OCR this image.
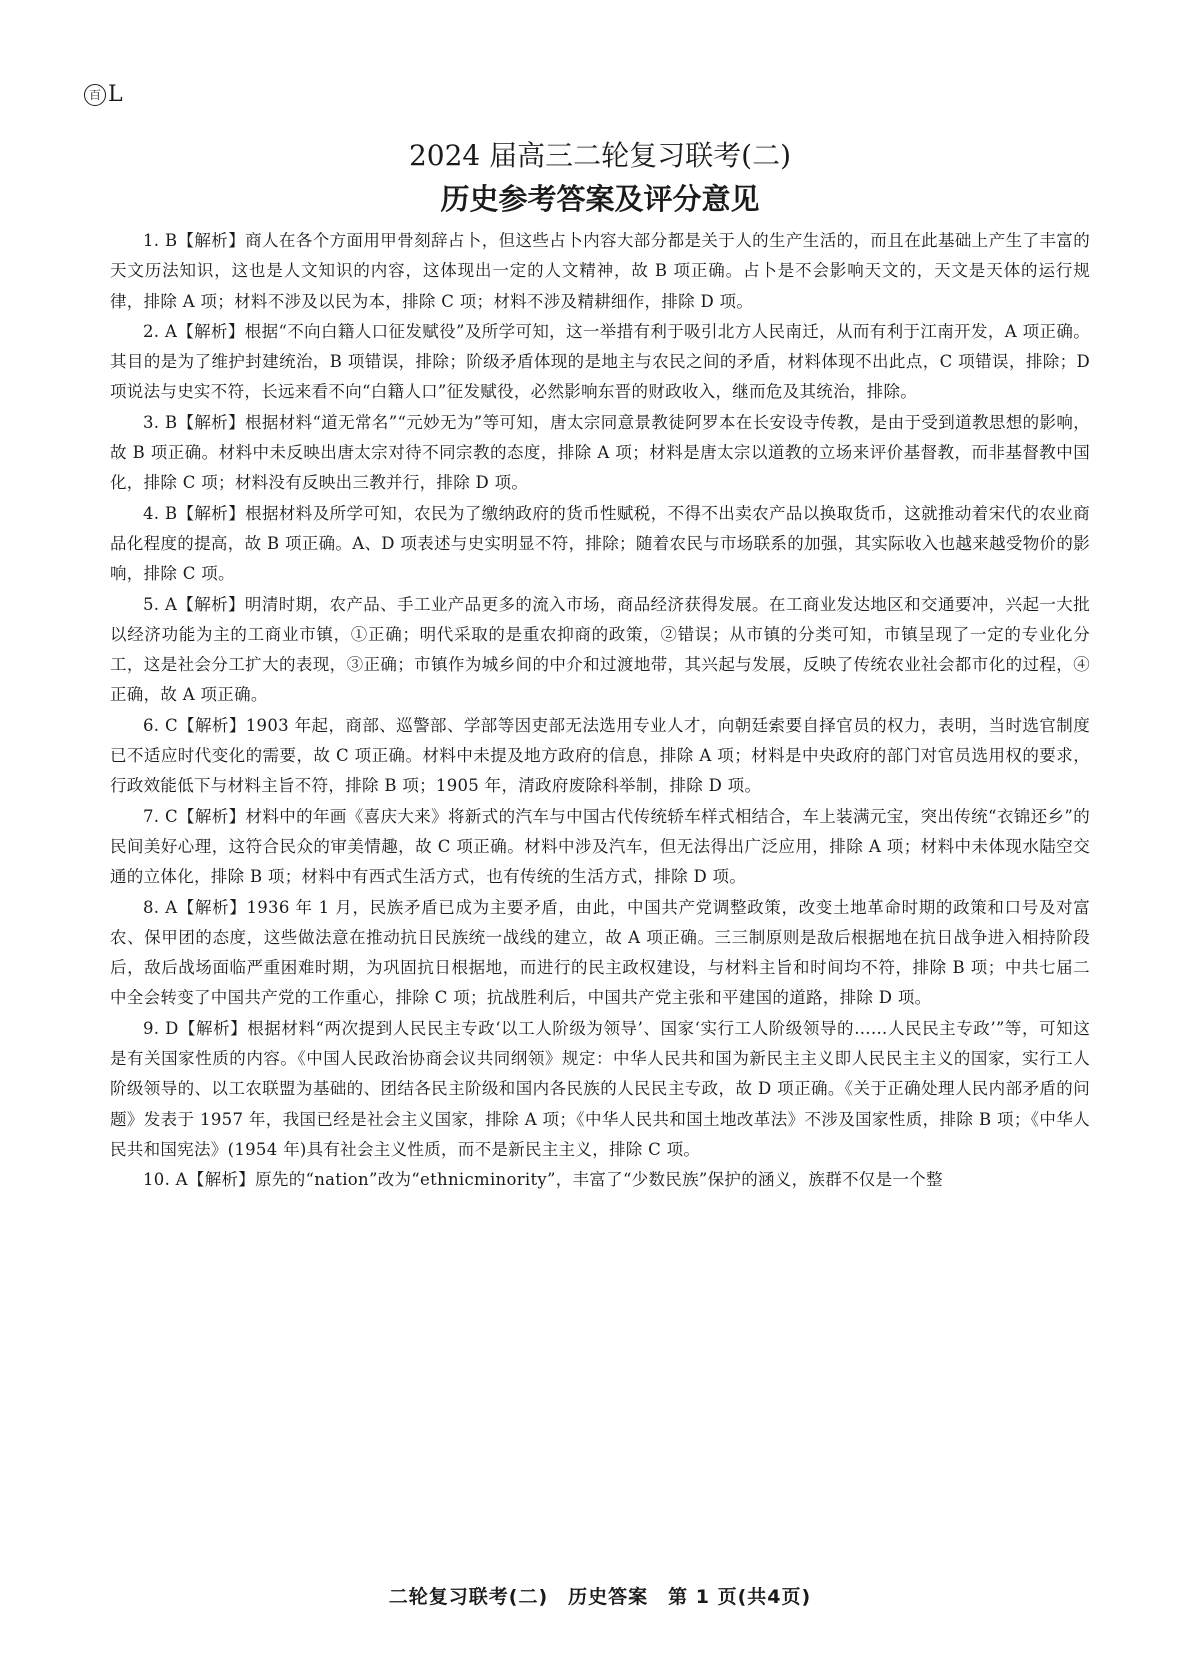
百 L
2024 届高三二轮复习联考(二)
历史参考答案及评分意见

1. B【解析】商人在各个方面用甲骨刻辞占卜，但这些占卜内容大部分都是关于人的生产生活的，而且在此基础上产生了丰富的天文历法知识，这也是人文知识的内容，这体现出一定的人文精神，故 B 项正确。占卜是不会影响天文的，天文是天体的运行规律，排除 A 项；材料不涉及以民为本，排除 C 项；材料不涉及精耕细作，排除 D 项。

2. A【解析】根据“不向白籍人口征发赋役”及所学可知，这一举措有利于吸引北方人民南迁，从而有利于江南开发，A 项正确。其目的是为了维护封建统治，B 项错误，排除；阶级矛盾体现的是地主与农民之间的矛盾，材料体现不出此点，C 项错误，排除；D 项说法与史实不符，长远来看不向“白籍人口”征发赋役，必然影响东晋的财政收入，继而危及其统治，排除。

3. B【解析】根据材料“道无常名”“元妙无为”等可知，唐太宗同意景教徒阿罗本在长安设寺传教，是由于受到道教思想的影响，故 B 项正确。材料中未反映出唐太宗对待不同宗教的态度，排除 A 项；材料是唐太宗以道教的立场来评价基督教，而非基督教中国化，排除 C 项；材料没有反映出三教并行，排除 D 项。

4. B【解析】根据材料及所学可知，农民为了缴纳政府的货币性赋税，不得不出卖农产品以换取货币，这就推动着宋代的农业商品化程度的提高，故 B 项正确。A、D 项表述与史实明显不符，排除；随着农民与市场联系的加强，其实际收入也越来越受物价的影响，排除 C 项。

5. A【解析】明清时期，农产品、手工业产品更多的流入市场，商品经济获得发展。在工商业发达地区和交通要冲，兴起一大批以经济功能为主的工商业市镇，①正确；明代采取的是重农抑商的政策，②错误；从市镇的分类可知，市镇呈现了一定的专业化分工，这是社会分工扩大的表现，③正确；市镇作为城乡间的中介和过渡地带，其兴起与发展，反映了传统农业社会都市化的过程，④正确，故 A 项正确。

6. C【解析】1903 年起，商部、巡警部、学部等因吏部无法选用专业人才，向朝廷索要自择官员的权力，表明，当时选官制度已不适应时代变化的需要，故 C 项正确。材料中未提及地方政府的信息，排除 A 项；材料是中央政府的部门对官员选用权的要求，行政效能低下与材料主旨不符，排除 B 项；1905 年，清政府废除科举制，排除 D 项。

7. C【解析】材料中的年画《喜庆大来》将新式的汽车与中国古代传统轿车样式相结合，车上装满元宝，突出传统“衣锦还乡”的民间美好心理，这符合民众的审美情趣，故 C 项正确。材料中涉及汽车，但无法得出广泛应用，排除 A 项；材料中未体现水陆空交通的立体化，排除 B 项；材料中有西式生活方式，也有传统的生活方式，排除 D 项。

8. A【解析】1936 年 1 月，民族矛盾已成为主要矛盾，由此，中国共产党调整政策，改变土地革命时期的政策和口号及对富农、保甲团的态度，这些做法意在推动抗日民族统一战线的建立，故 A 项正确。三三制原则是敌后根据地在抗日战争进入相持阶段后，敌后战场面临严重困难时期，为巩固抗日根据地，而进行的民主政权建设，与材料主旨和时间均不符，排除 B 项；中共七届二中全会转变了中国共产党的工作重心，排除 C 项；抗战胜利后，中国共产党主张和平建国的道路，排除 D 项。

9. D【解析】根据材料“两次提到人民民主专政‘以工人阶级为领导’、国家‘实行工人阶级领导的……人民民主专政’”等，可知这是有关国家性质的内容。《中国人民政治协商会议共同纲领》规定：中华人民共和国为新民主主义即人民民主主义的国家，实行工人阶级领导的、以工农联盟为基础的、团结各民主阶级和国内各民族的人民民主专政，故 D 项正确。《关于正确处理人民内部矛盾的问题》发表于 1957 年，我国已经是社会主义国家，排除 A 项；《中华人民共和国土地改革法》不涉及国家性质，排除 B 项；《中华人民共和国宪法》(1954 年)具有社会主义性质，而不是新民主主义，排除 C 项。

10. A【解析】原先的“nation”改为“ethnicminority”，丰富了“少数民族”保护的涵义，族群不仅是一个整

二轮复习联考(二)　历史答案　第 1 页(共4页)
